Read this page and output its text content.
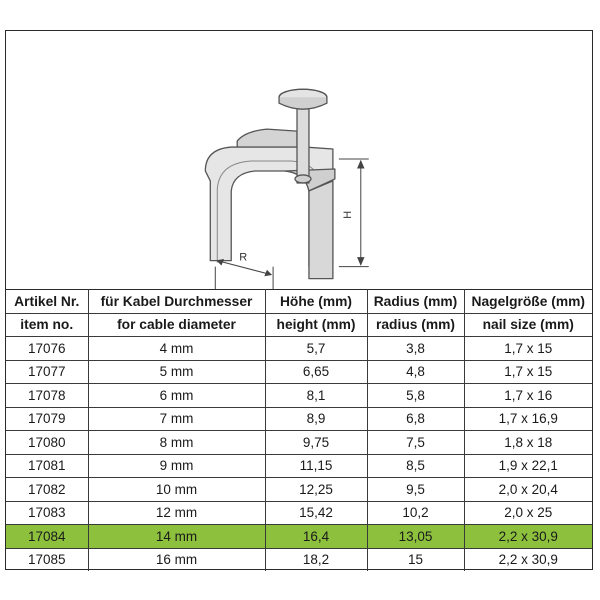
R
H
Artikel Nr.	für Kabel Durchmesser	Höhe (mm)	Radius (mm)	Nagelgröße (mm)
item no.	for cable diameter	height (mm)	radius (mm)	nail size (mm)
17076	4 mm	5,7	3,8	1,7 x 15
17077	5 mm	6,65	4,8	1,7 x 15
17078	6 mm	8,1	5,8	1,7 x 16
17079	7 mm	8,9	6,8	1,7 x 16,9
17080	8 mm	9,75	7,5	1,8 x 18
17081	9 mm	11,15	8,5	1,9 x 22,1
17082	10 mm	12,25	9,5	2,0 x 20,4
17083	12 mm	15,42	10,2	2,0 x 25
17084	14 mm	16,4	13,05	2,2 x 30,9
17085	16 mm	18,2	15	2,2 x 30,9
